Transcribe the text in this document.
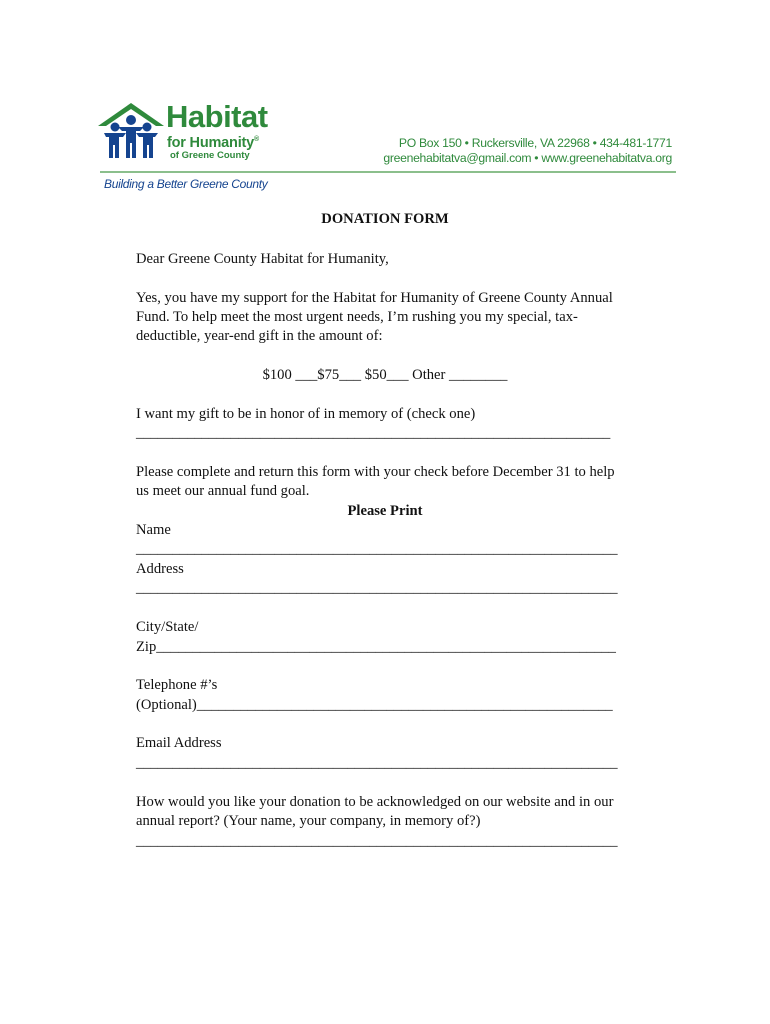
Habitat
for Humanity®
of Greene County
PO Box 150 • Ruckersville, VA 22968 • 434-481-1771
greenehabitatva@gmail.com • www.greenehabitatva.org
Building a Better Greene County
DONATION FORM
Dear Greene County Habitat for Humanity,
Yes, you have my support for the Habitat for Humanity of Greene County Annual
Fund. To help meet the most urgent needs, I’m rushing you my special, tax-
deductible, year-end gift in the amount of:
$100 ___$75___ $50___ Other ________
I want my gift to be in honor of in memory of (check one)
_________________________________________________________________
Please complete and return this form with your check before December 31 to help
us meet our annual fund goal.
Please Print
Name
__________________________________________________________________
Address
__________________________________________________________________
City/State/
Zip_______________________________________________________________
Telephone #’s
(Optional)_________________________________________________________
Email Address
__________________________________________________________________
How would you like your donation to be acknowledged on our website and in our
annual report? (Your name, your company, in memory of?)
__________________________________________________________________
